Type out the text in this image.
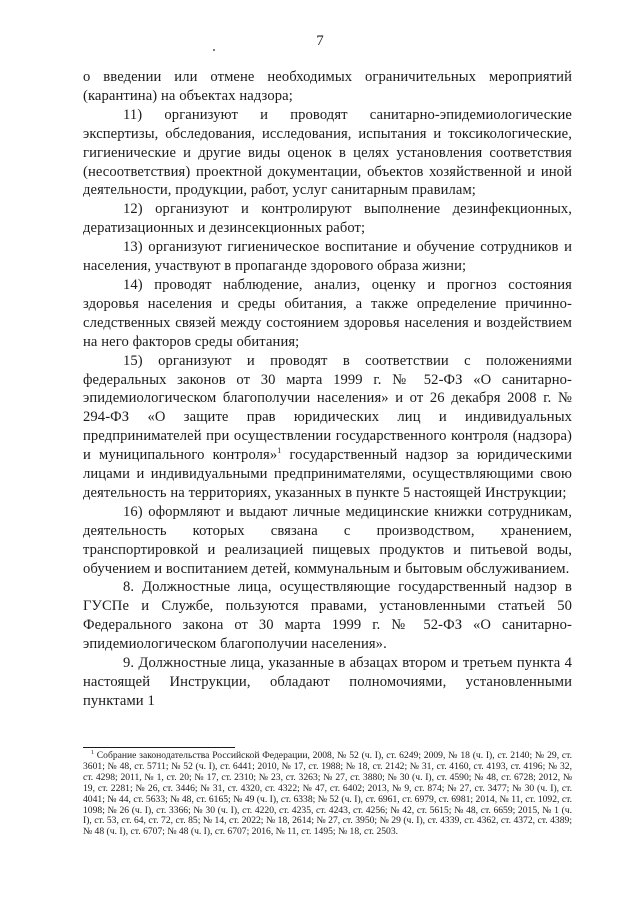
7

о введении или отмене необходимых ограничительных мероприятий (карантина) на объектах надзора;

11) организуют и проводят санитарно-эпидемиологические экспертизы, обследования, исследования, испытания и токсикологические, гигиенические и другие виды оценок в целях установления соответствия (несоответствия) проектной документации, объектов хозяйственной и иной деятельности, продукции, работ, услуг санитарным правилам;

12) организуют и контролируют выполнение дезинфекционных, дератизационных и дезинсекционных работ;

13) организуют гигиеническое воспитание и обучение сотрудников и населения, участвуют в пропаганде здорового образа жизни;

14) проводят наблюдение, анализ, оценку и прогноз состояния здоровья населения и среды обитания, а также определение причинно-следственных связей между состоянием здоровья населения и воздействием на него факторов среды обитания;

15) организуют и проводят в соответствии с положениями федеральных законов от 30 марта 1999 г. № 52-ФЗ «О санитарно-эпидемиологическом благополучии населения» и от 26 декабря 2008 г. № 294-ФЗ «О защите прав юридических лиц и индивидуальных предпринимателей при осуществлении государственного контроля (надзора) и муниципального контроля»$^1$ государственный надзор за юридическими лицами и индивидуальными предпринимателями, осуществляющими свою деятельность на территориях, указанных в пункте 5 настоящей Инструкции;

16) оформляют и выдают личные медицинские книжки сотрудникам, деятельность которых связана с производством, хранением, транспортировкой и реализацией пищевых продуктов и питьевой воды, обучением и воспитанием детей, коммунальным и бытовым обслуживанием.

8. Должностные лица, осуществляющие государственный надзор в ГУСПе и Службе, пользуются правами, установленными статьей 50 Федерального закона от 30 марта 1999 г. № 52-ФЗ «О санитарно-эпидемиологическом благополучии населения».

9. Должностные лица, указанные в абзацах втором и третьем пункта 4 настоящей Инструкции, обладают полномочиями, установленными пунктами 1

$^1$ Собрание законодательства Российской Федерации, 2008, № 52 (ч. I), ст. 6249; 2009, № 18 (ч. I), ст. 2140; № 29, ст. 3601; № 48, ст. 5711; № 52 (ч. I), ст. 6441; 2010, № 17, ст. 1988; № 18, ст. 2142; № 31, ст. 4160, ст. 4193, ст. 4196; № 32, ст. 4298; 2011, № 1, ст. 20; № 17, ст. 2310; № 23, ст. 3263; № 27, ст. 3880; № 30 (ч. I), ст. 4590; № 48, ст. 6728; 2012, № 19, ст. 2281; № 26, ст. 3446; № 31, ст. 4320, ст. 4322; № 47, ст. 6402; 2013, № 9, ст. 874; № 27, ст. 3477; № 30 (ч. I), ст. 4041; № 44, ст. 5633; № 48, ст. 6165; № 49 (ч. I), ст. 6338; № 52 (ч. I), ст. 6961, ст. 6979, ст. 6981; 2014, № 11, ст. 1092, ст. 1098; № 26 (ч. I), ст. 3366; № 30 (ч. I), ст. 4220, ст. 4235, ст. 4243, ст. 4256; № 42, ст. 5615; № 48, ст. 6659; 2015, № 1 (ч. I), ст. 53, ст. 64, ст. 72, ст. 85; № 14, ст. 2022; № 18, 2614; № 27, ст. 3950; № 29 (ч. I), ст. 4339, ст. 4362, ст. 4372, ст. 4389; № 48 (ч. I), ст. 6707; № 48 (ч. I), ст. 6707; 2016, № 11, ст. 1495; № 18, ст. 2503.
